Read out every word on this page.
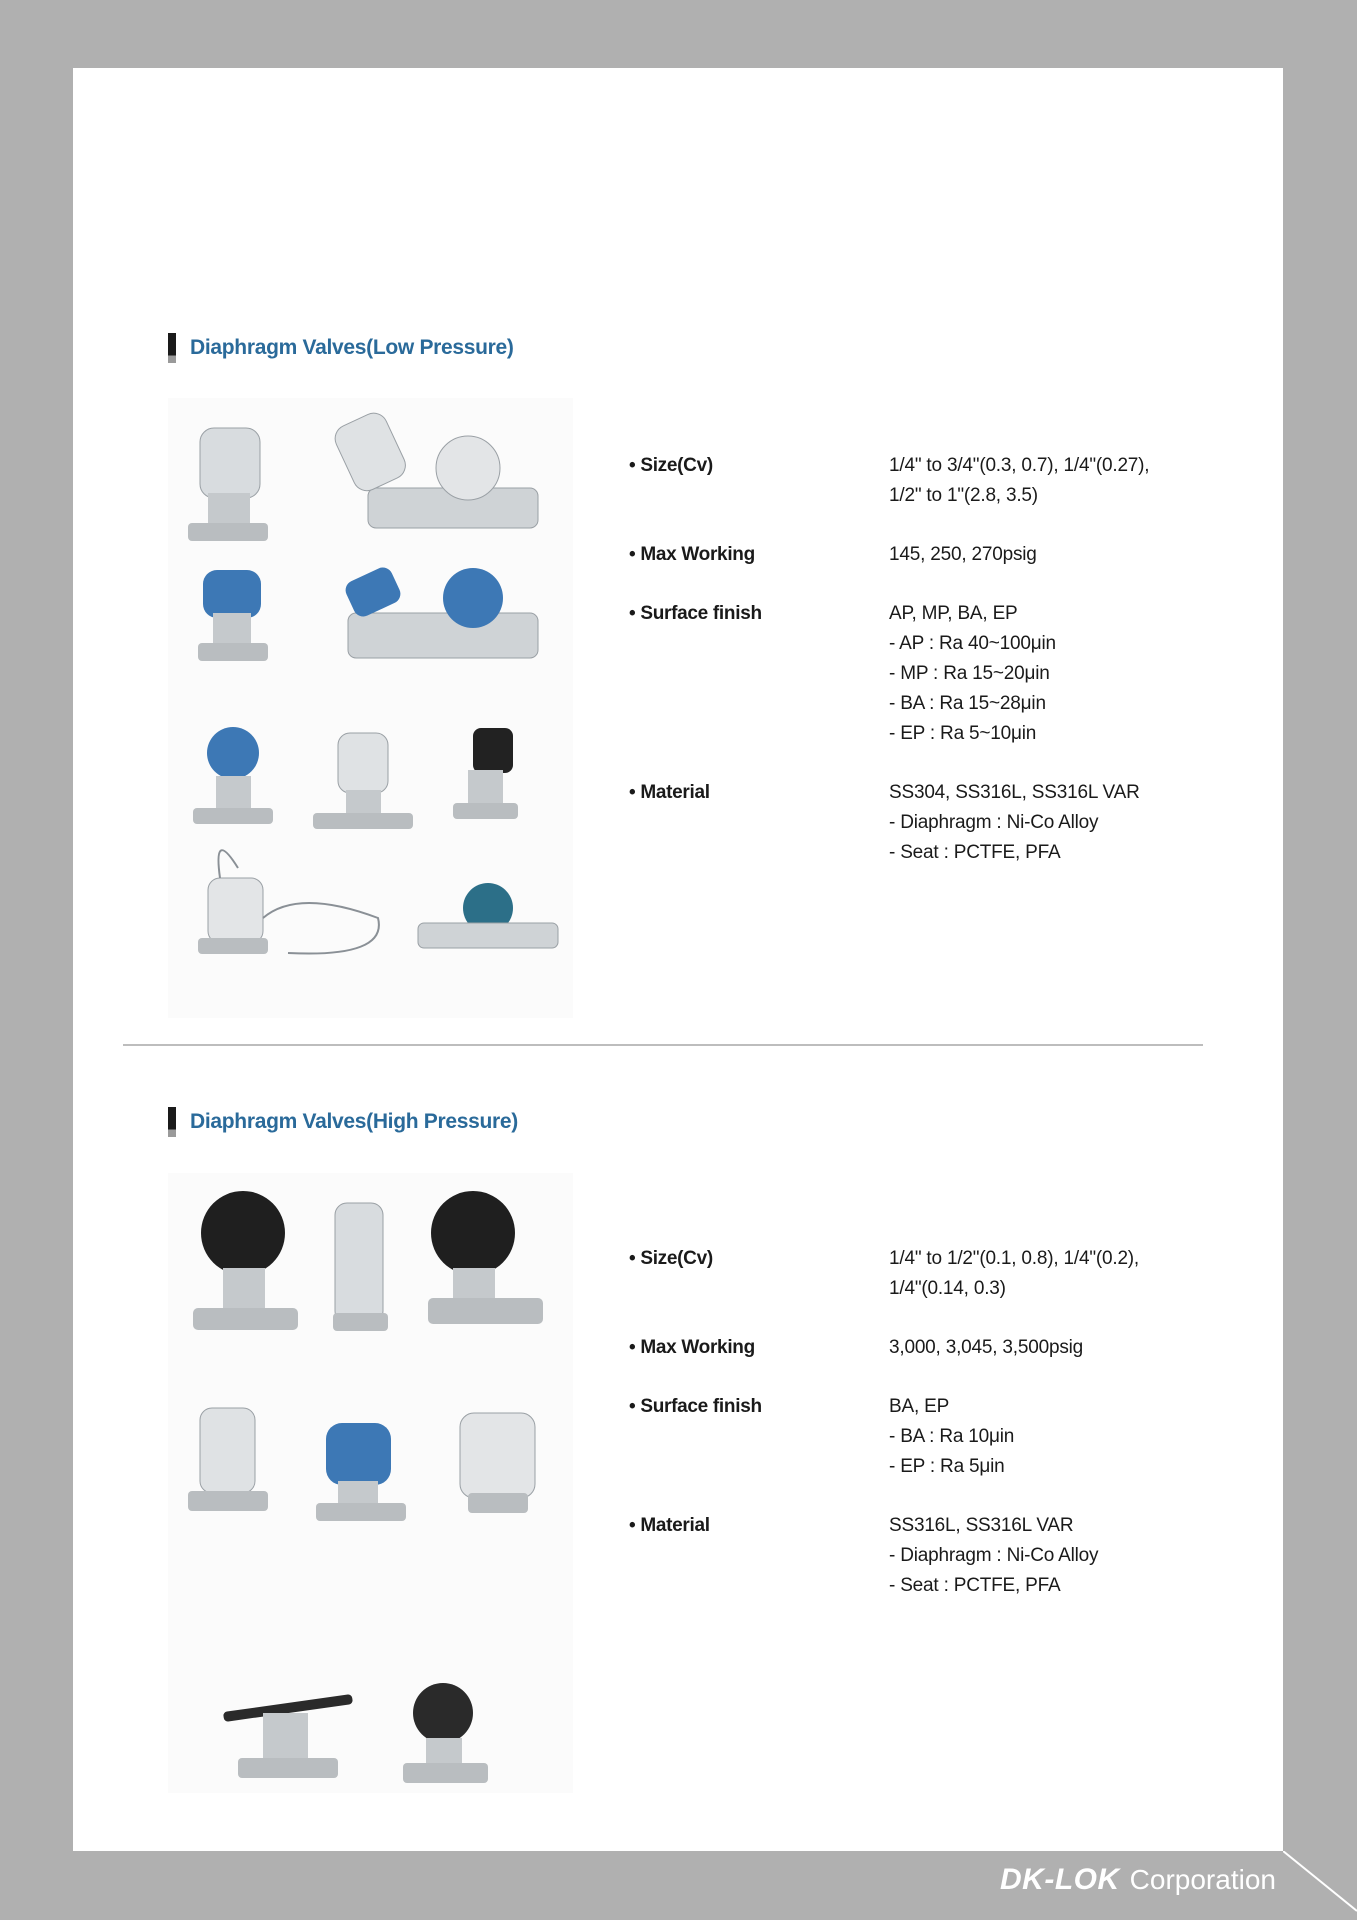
Diaphragm Valves(Low Pressure)
• Size(Cv)	1/4" to 3/4"(0.3, 0.7), 1/4"(0.27),
1/2" to 1"(2.8, 3.5)
• Max Working	145, 250, 270psig
• Surface finish	AP, MP, BA, EP
- AP : Ra 40~100μin
- MP : Ra 15~20μin
- BA : Ra 15~28μin
- EP : Ra 5~10μin
• Material	SS304, SS316L, SS316L VAR
- Diaphragm : Ni-Co Alloy
- Seat : PCTFE, PFA
Diaphragm Valves(High Pressure)
• Size(Cv)	1/4" to 1/2"(0.1, 0.8), 1/4"(0.2),
1/4"(0.14, 0.3)
• Max Working	3,000, 3,045, 3,500psig
• Surface finish	BA, EP
- BA : Ra 10μin
- EP : Ra 5μin
• Material	SS316L, SS316L VAR
- Diaphragm : Ni-Co Alloy
- Seat : PCTFE, PFA
DK-LOK Corporation
